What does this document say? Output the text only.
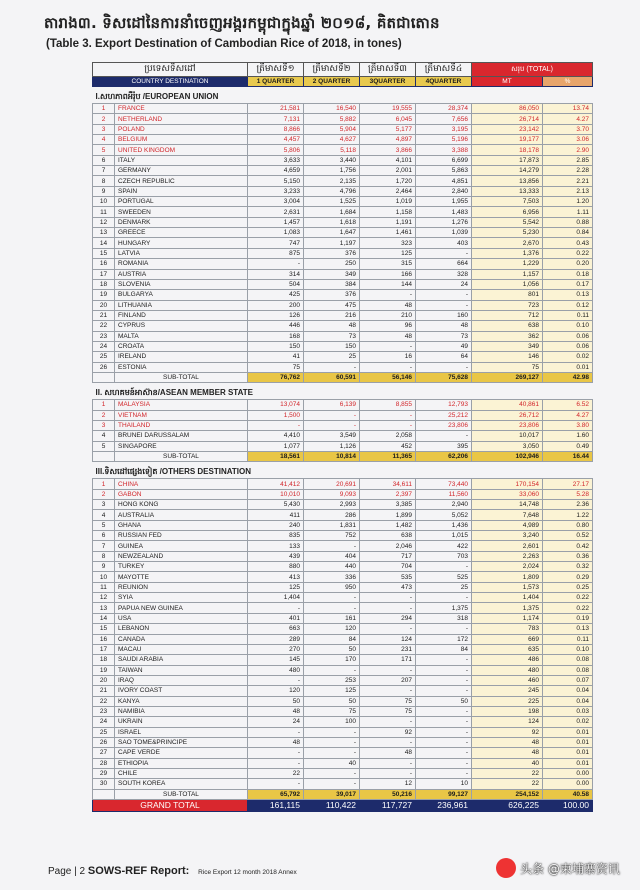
តារាង៣. ទិសដៅនៃការនាំចេញអង្ករកម្ពុជាក្នុងឆ្នាំ ២០១៨, គិតជាតោន
(Table 3. Export Destination of Cambodian Rice of 2018, in tones)
ប្រទេសទិសដៅ		ត្រីមាសទី១	ត្រីមាសទី២	ត្រីមាសទី៣	ត្រីមាសទី៤	សរុប (TOTAL)	
COUNTRY DESTINATION		1 QUARTER	2 QUARTER	3QUARTER	4QUARTER	MT	%
I.សហភាពអឺរ៉ុប /EUROPEAN UNION							
1	FRANCE	21,581	16,540	19,555	28,374	86,050	13.74
2	NETHERLAND	7,131	5,882	6,045	7,656	26,714	4.27
3	POLAND	8,866	5,904	5,177	3,195	23,142	3.70
4	BELGIUM	4,457	4,627	4,897	5,196	19,177	3.06
5	UNITED KINGDOM	5,806	5,118	3,866	3,388	18,178	2.90
6	ITALY	3,633	3,440	4,101	6,699	17,873	2.85
7	GERMANY	4,659	1,756	2,001	5,863	14,279	2.28
8	CZECH REPUBLIC	5,150	2,135	1,720	4,851	13,856	2.21
9	SPAIN	3,233	4,796	2,464	2,840	13,333	2.13
10	PORTUGAL	3,004	1,525	1,019	1,955	7,503	1.20
11	SWEEDEN	2,631	1,684	1,158	1,483	6,956	1.11
12	DENMARK	1,457	1,618	1,191	1,276	5,542	0.88
13	GREECE	1,083	1,647	1,461	1,039	5,230	0.84
14	HUNGARY	747	1,197	323	403	2,670	0.43
15	LATVIA	875	376	125	-	1,376	0.22
16	ROMANIA	-	250	315	664	1,229	0.20
17	AUSTRIA	314	349	166	328	1,157	0.18
18	SLOVENIA	504	384	144	24	1,056	0.17
19	BULGARYA	425	376	-	-	801	0.13
20	LITHUANIA	200	475	48	-	723	0.12
21	FINLAND	126	216	210	160	712	0.11
22	CYPRUS	446	48	96	48	638	0.10
23	MALTA	168	73	48	73	362	0.06
24	CROATA	150	150	-	49	349	0.06
25	IRELAND	41	25	16	64	146	0.02
26	ESTONIA	75	-	-	-	75	0.01
	SUB-TOTAL	76,762	60,591	56,146	75,628	269,127	42.98
II. សហគមន៍អាស៊ាន/ASEAN MEMBER STATE							
1	MALAYSIA	13,074	6,139	8,855	12,793	40,861	6.52
2	VIETNAM	1,500	-	-	25,212	26,712	4.27
3	THAILAND	-	-	-	23,806	23,806	3.80
4	BRUNEI DARUSSALAM	4,410	3,549	2,058	-	10,017	1.60
5	SINGAPORE	1,077	1,126	452	395	3,050	0.49
	SUB-TOTAL	18,561	10,814	11,365	62,206	102,946	16.44
III.ទិសដៅផ្សេងទៀត /OTHERS DESTINATION							
1	CHINA	41,412	20,691	34,611	73,440	170,154	27.17
2	GABON	10,010	9,093	2,397	11,560	33,060	5.28
3	HONG KONG	5,430	2,993	3,385	2,940	14,748	2.36
4	AUSTRALIA	411	286	1,899	5,052	7,648	1.22
5	GHANA	240	1,831	1,482	1,436	4,989	0.80
6	RUSSIAN FED	835	752	638	1,015	3,240	0.52
7	GUINEA	133	-	2,046	422	2,601	0.42
8	NEWZEALAND	439	404	717	703	2,263	0.36
9	TURKEY	880	440	704	-	2,024	0.32
10	MAYOTTE	413	336	535	525	1,809	0.29
11	REUNION	125	950	473	25	1,573	0.25
12	SYIA	1,404	-	-	-	1,404	0.22
13	PAPUA NEW GUINEA	-	-	-	1,375	1,375	0.22
14	USA	401	161	294	318	1,174	0.19
15	LEBANON	663	120	-	-	783	0.13
16	CANADA	289	84	124	172	669	0.11
17	MACAU	270	50	231	84	635	0.10
18	SAUDI ARABIA	145	170	171	-	486	0.08
19	TAIWAN	480	-	-	-	480	0.08
20	IRAQ	-	253	207	-	460	0.07
21	IVORY COAST	120	125	-	-	245	0.04
22	KANYA	50	50	75	50	225	0.04
23	NAMIBIA	48	75	75	-	198	0.03
24	UKRAIN	24	100	-	-	124	0.02
25	ISRAEL	-	-	92	-	92	0.01
26	SAO TOME&PRINCIPE	48	-	-	-	48	0.01
27	CAPE VERDE	-	-	48	-	48	0.01
28	ETHIOPIA	-	40	-	-	40	0.01
29	CHILE	22	-	-	-	22	0.00
30	SOUTH KOREA	-	-	12	10	22	0.00
	SUB-TOTAL	65,792	39,017	50,216	99,127	254,152	40.58
GRAND TOTAL		161,115	110,422	117,727	236,961	626,225	100.00
Page | 2 SOWS-REF Report: Rice Export 12 month 2018 Annex	头条 @柬埔寨资讯
